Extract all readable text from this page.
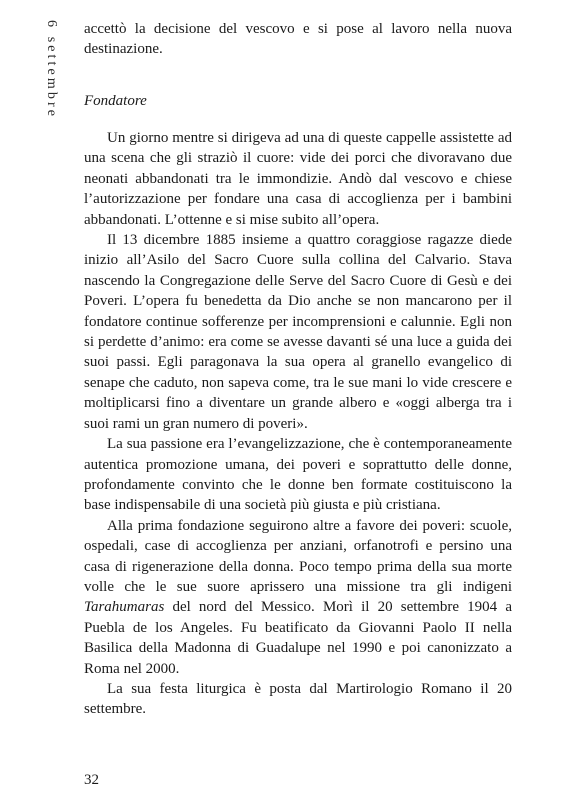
6 settembre accettò la decisione del vescovo e si pose al lavoro nella nuova destinazione.

Fondatore

Un giorno mentre si dirigeva ad una di queste cappelle assistette ad una scena che gli straziò il cuore: vide dei porci che divoravano due neonati abbandonati tra le immondizie. Andò dal vescovo e chiese l’autorizzazione per fondare una casa di accoglienza per i bambini abbandonati. L’ottenne e si mise subito all’opera.

Il 13 dicembre 1885 insieme a quattro coraggiose ragazze diede inizio all’Asilo del Sacro Cuore sulla collina del Calvario. Stava nascendo la Congregazione delle Serve del Sacro Cuore di Gesù e dei Poveri. L’opera fu benedetta da Dio anche se non mancarono per il fondatore continue sofferenze per incomprensioni e calunnie. Egli non si perdette d’animo: era come se avesse davanti sé una luce a guida dei suoi passi. Egli paragonava la sua opera al granello evangelico di senape che caduto, non sapeva come, tra le sue mani lo vide crescere e moltiplicarsi fino a diventare un grande albero e «oggi alberga tra i suoi rami un gran numero di poveri».

La sua passione era l’evangelizzazione, che è contemporaneamente autentica promozione umana, dei poveri e soprattutto delle donne, profondamente convinto che le donne ben formate costituiscono la base indispensabile di una società più giusta e più cristiana.

Alla prima fondazione seguirono altre a favore dei poveri: scuole, ospedali, case di accoglienza per anziani, orfanotrofi e persino una casa di rigenerazione della donna. Poco tempo prima della sua morte volle che le sue suore aprissero una missione tra gli indigeni Tarahumaras del nord del Messico. Morì il 20 settembre 1904 a Puebla de los Angeles. Fu beatificato da Giovanni Paolo II nella Basilica della Madonna di Guadalupe nel 1990 e poi canonizzato a Roma nel 2000.

La sua festa liturgica è posta dal Martirologio Romano il 20 settembre.

32
